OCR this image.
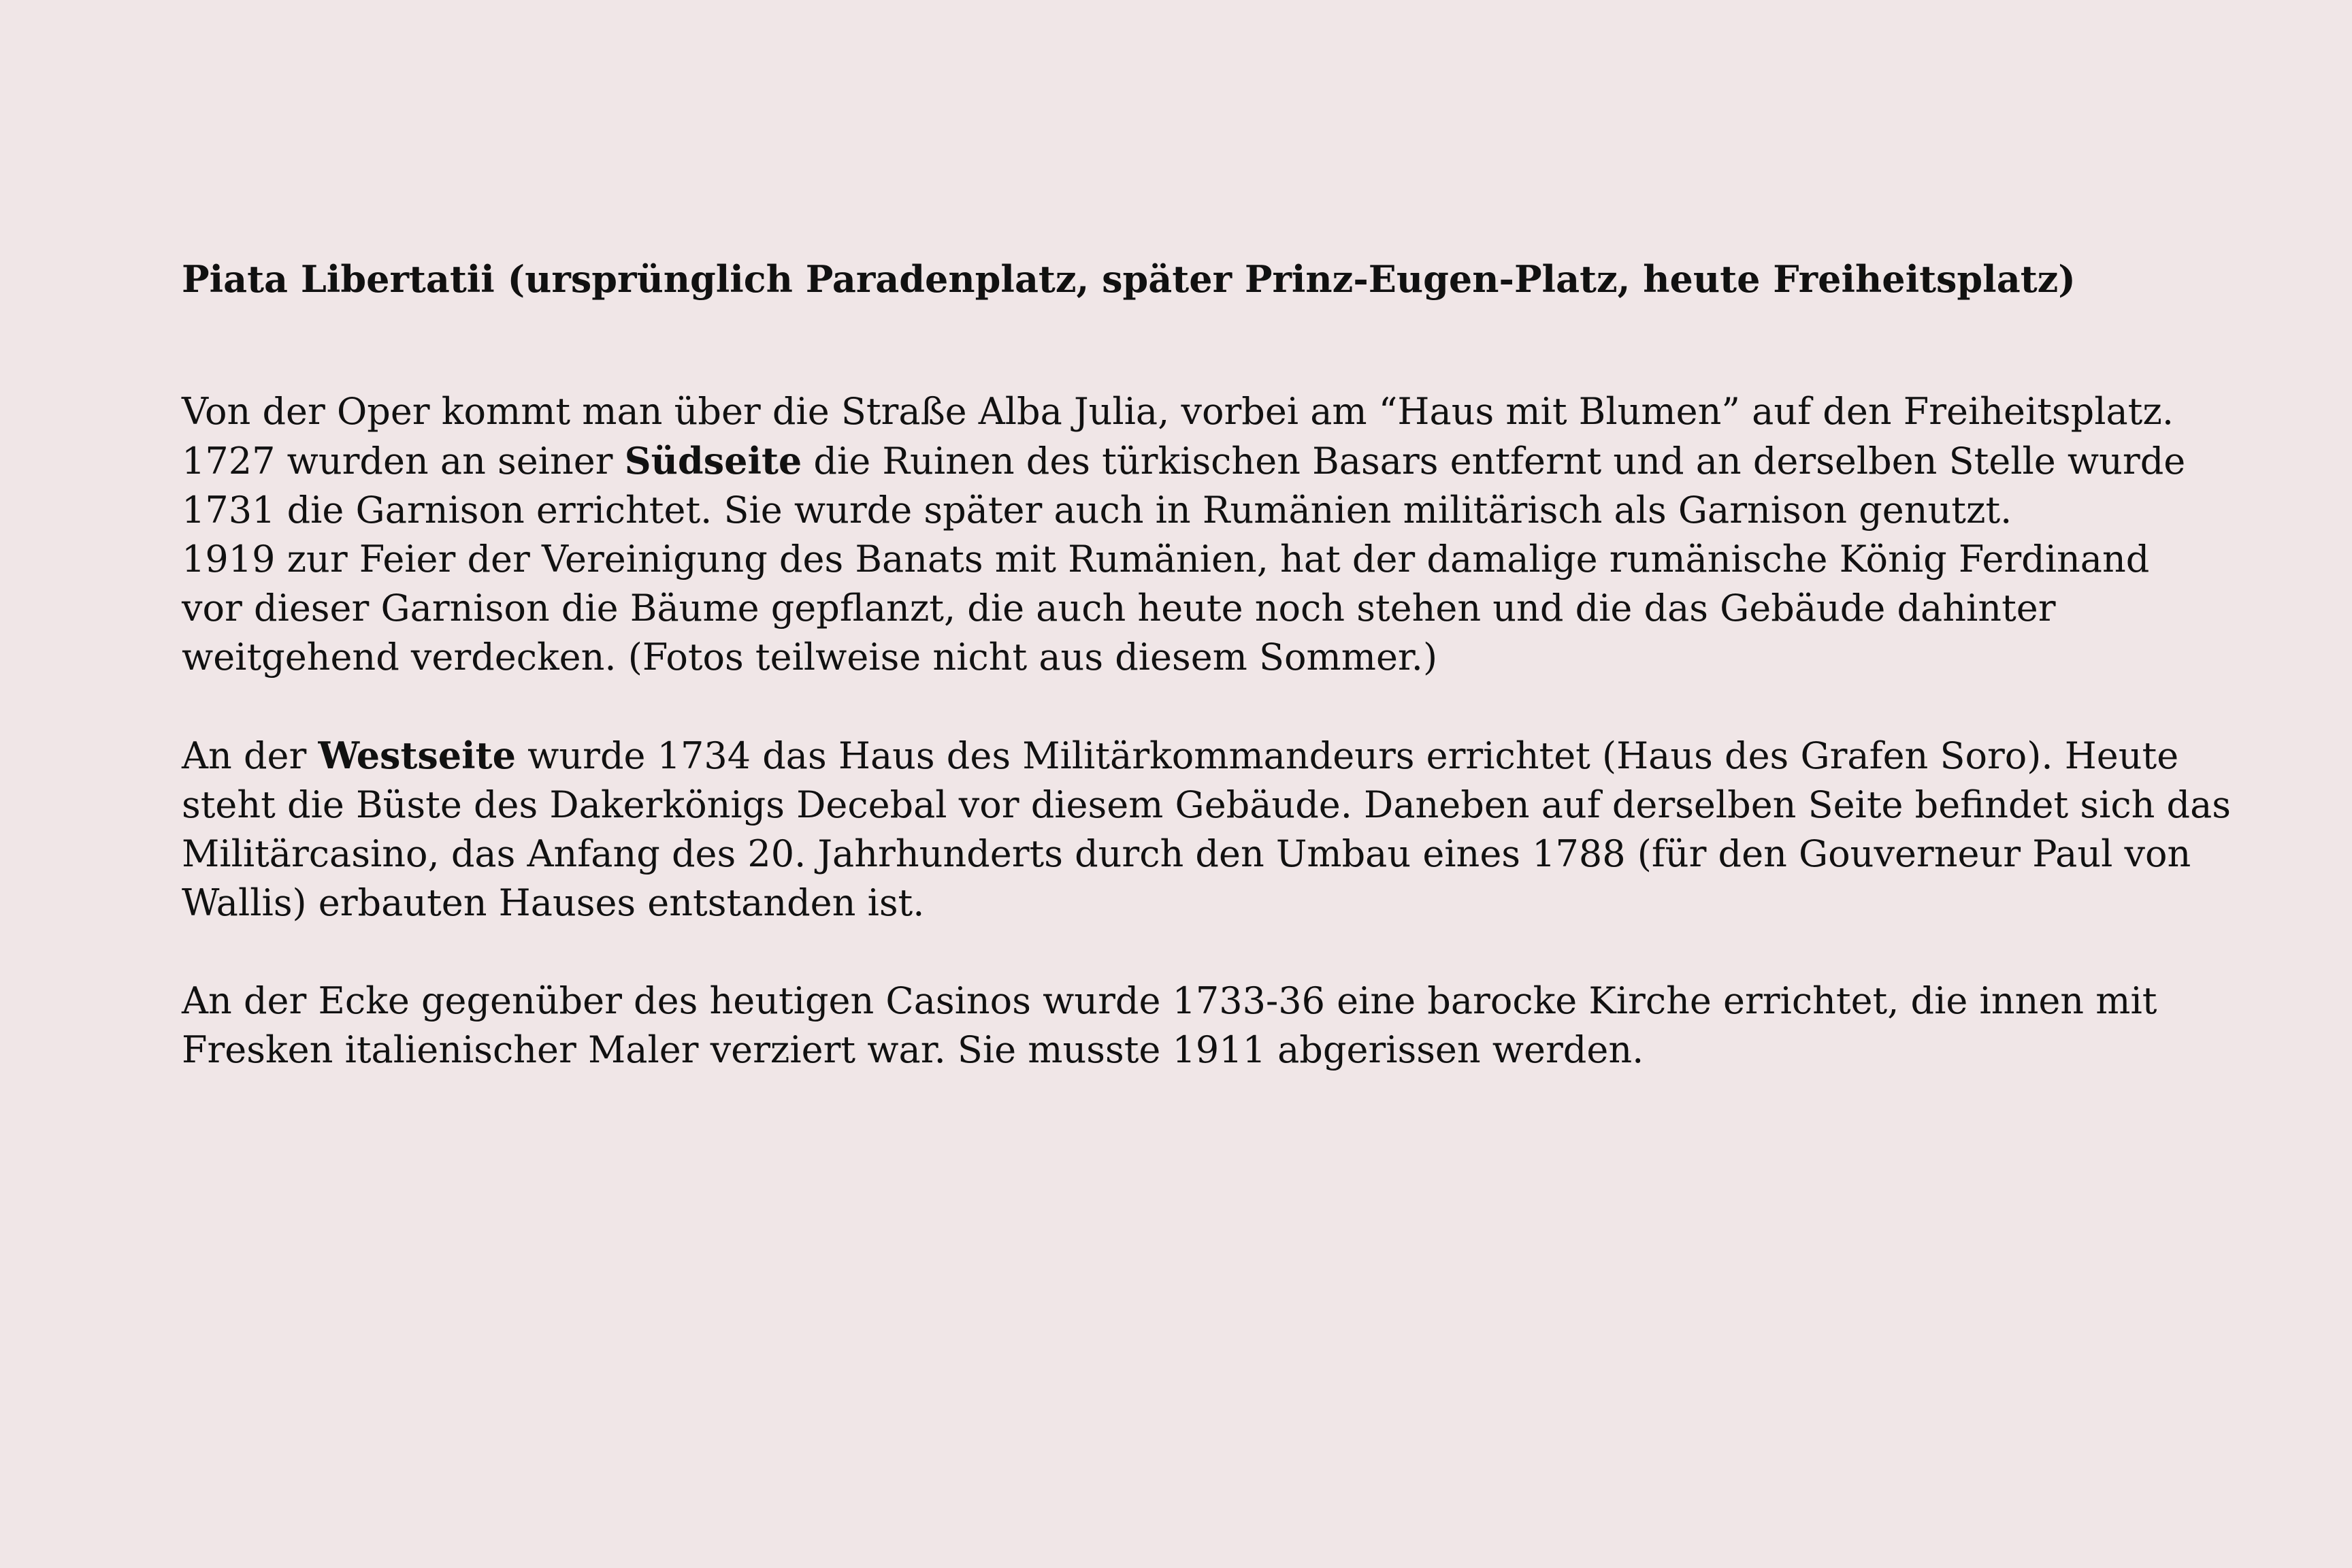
Piata Libertatii (ursprünglich Paradenplatz, später Prinz-Eugen-Platz, heute Freiheitsplatz)

Von der Oper kommt man über die Straße Alba Julia, vorbei am “Haus mit Blumen” auf den Freiheitsplatz.
1727 wurden an seiner Südseite die Ruinen des türkischen Basars entfernt und an derselben Stelle wurde
1731 die Garnison errichtet. Sie wurde später auch in Rumänien militärisch als Garnison genutzt.
1919 zur Feier der Vereinigung des Banats mit Rumänien, hat der damalige rumänische König Ferdinand
vor dieser Garnison die Bäume gepflanzt, die auch heute noch stehen und die das Gebäude dahinter
weitgehend verdecken. (Fotos teilweise nicht aus diesem Sommer.)

An der Westseite wurde 1734 das Haus des Militärkommandeurs errichtet (Haus des Grafen Soro). Heute
steht die Büste des Dakerkönigs Decebal vor diesem Gebäude. Daneben auf derselben Seite befindet sich das
Militärcasino, das Anfang des 20. Jahrhunderts durch den Umbau eines 1788 (für den Gouverneur Paul von
Wallis) erbauten Hauses entstanden ist.

An der Ecke gegenüber des heutigen Casinos wurde 1733-36 eine barocke Kirche errichtet, die innen mit
Fresken italienischer Maler verziert war. Sie musste 1911 abgerissen werden.
